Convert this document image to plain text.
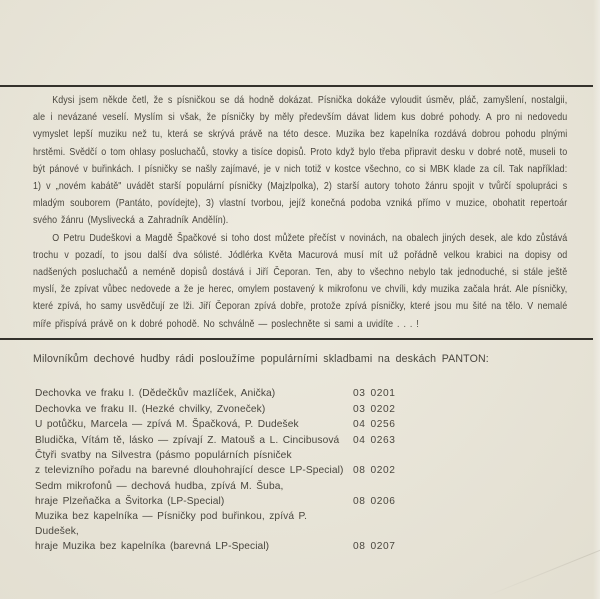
Kdysi jsem někde četl, že s písničkou se dá hodně dokázat. Písnička dokáže vyloudit úsměv, pláč, zamyšlení, nostalgii, ale i nevázané veselí. Myslím si však, že písničky by měly především dávat lidem kus dobré pohody. A pro ni nedovedu vymyslet lepší muziku než tu, která se skrývá právě na této desce. Muzika bez kapelníka rozdává dobrou pohodu plnými hrstěmi. Svědčí o tom ohlasy posluchačů, stovky a tisíce dopisů. Proto když bylo třeba připravit desku v dobré notě, museli to být pánové v buřinkách. I písničky se našly zajímavé, je v nich totiž v kostce všechno, co si MBK klade za cíl. Tak například: 1) v „novém kabátě" uvádět starší populární písničky (Majzlpolka), 2) starší autory tohoto žánru spojit v tvůrčí spolupráci s mladým souborem (Pantáto, povídejte), 3) vlastní tvorbou, jejíž konečná podoba vzniká přímo v muzice, obohatit repertoár svého žánru (Myslivecká a Zahradník Andělín).

O Petru Dudeškovi a Magdě Špačkové si toho dost můžete přečíst v novinách, na obalech jiných desek, ale kdo zůstává trochu v pozadí, to jsou další dva sólisté. Jódlérka Květa Macurová musí mít už pořádně velkou krabici na dopisy od nadšených posluchačů a neméně dopisů dostává i Jiří Čeporan. Ten, aby to všechno nebylo tak jednoduché, si stále ještě myslí, že zpívat vůbec nedovede a že je herec, omylem postavený k mikrofonu ve chvíli, kdy muzika začala hrát. Ale písničky, které zpívá, ho samy usvědčují ze lži. Jiří Čeporan zpívá dobře, protože zpívá písničky, které jsou mu šité na tělo. V nemalé míře přispívá právě on k dobré pohodě. No schválně — poslechněte si sami a uvidíte . . . !

Milovníkům dechové hudby rádi posloužíme populárními skladbami na deskách PANTON:
Dechovka ve fraku I. (Dědečkův mazlíček, Anička)	03 0201
Dechovka ve fraku II. (Hezké chvilky, Zvoneček)	03 0202
U potůčku, Marcela — zpívá M. Špačková, P. Dudešek	04 0256
Bludička, Vítám tě, lásko — zpívají Z. Matouš a L. Cincibusová	04 0263
Čtyři svatby na Silvestra (pásmo populárních písniček
z televizního pořadu na barevné dlouhohrající desce LP-Special) 08 0202
Sedm mikrofonů — dechová hudba, zpívá M. Šuba,
hraje Plzeňačka a Švitorka (LP-Special)	08 0206
Muzika bez kapelníka — Písničky pod buřinkou, zpívá P. Dudešek,
hraje Muzika bez kapelníka (barevná LP-Special)	08 0207
